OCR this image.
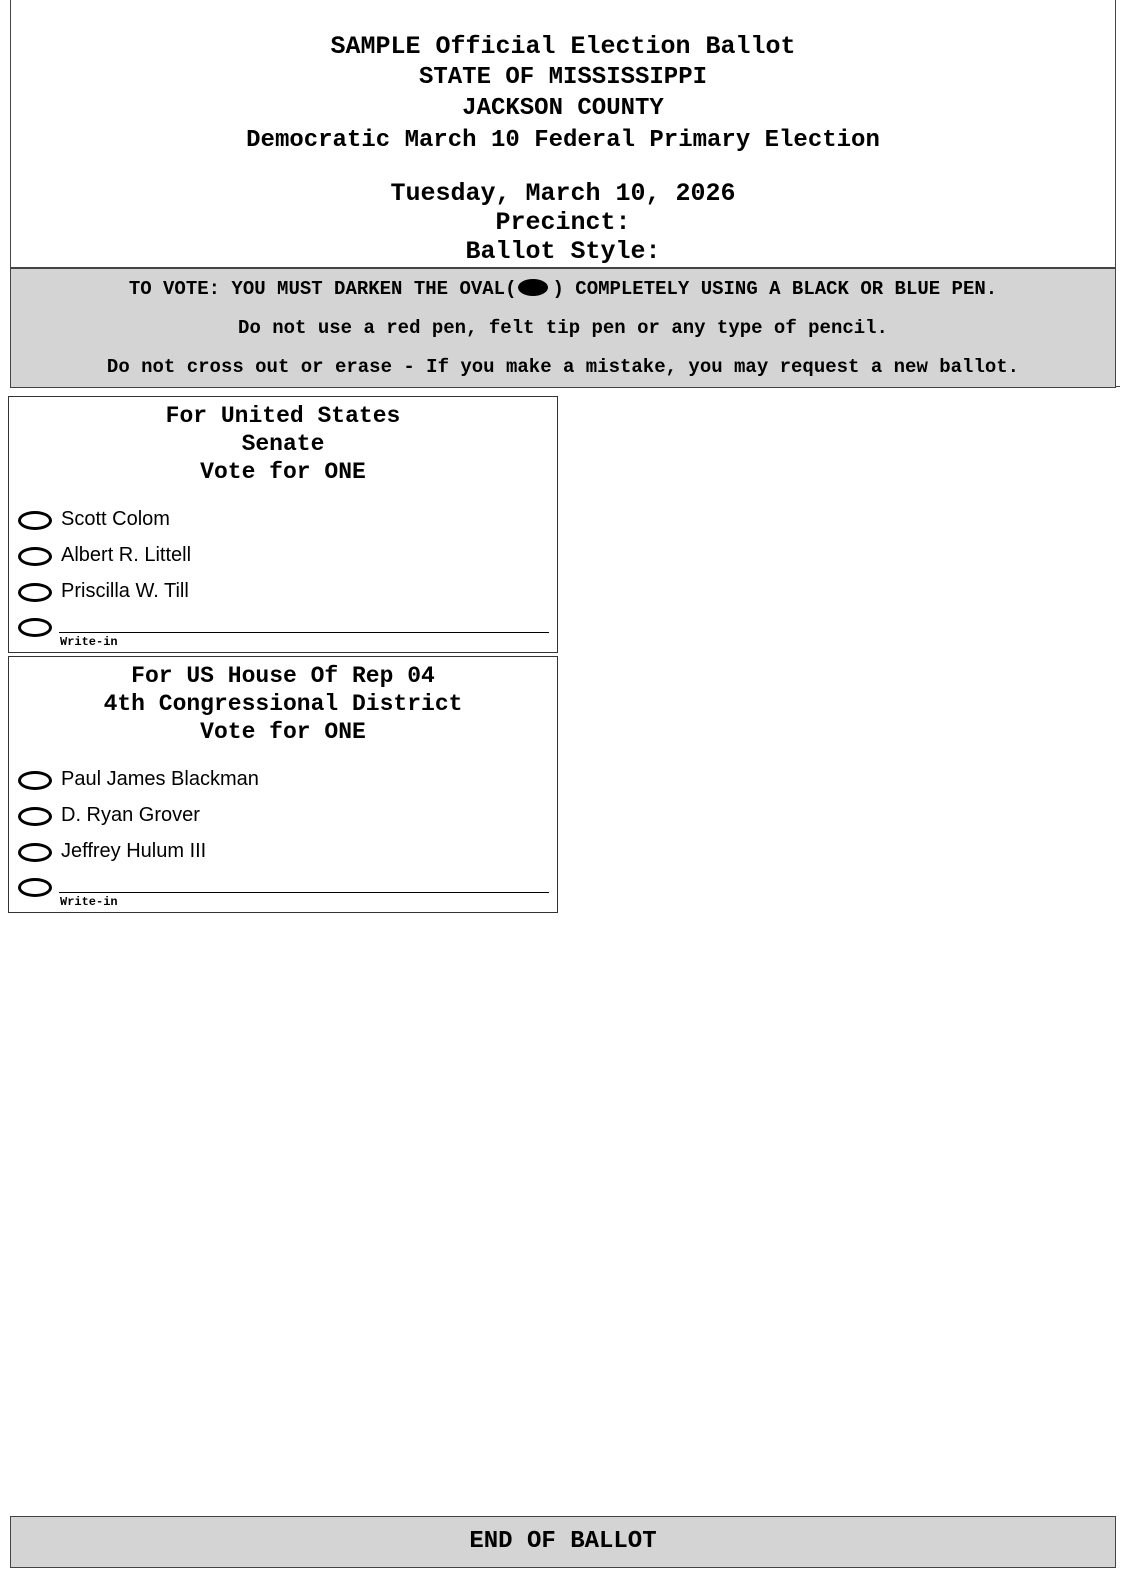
SAMPLE Official Election Ballot
STATE OF MISSISSIPPI
JACKSON COUNTY
Democratic March 10 Federal Primary Election
Tuesday, March 10, 2026
Precinct:
Ballot Style:
TO VOTE: YOU MUST DARKEN THE OVAL( ) COMPLETELY USING A BLACK OR BLUE PEN.
Do not use a red pen, felt tip pen or any type of pencil.
Do not cross out or erase - If you make a mistake, you may request a new ballot.
For United States
Senate
Vote for ONE
Scott Colom
Albert R. Littell
Priscilla W. Till
Write-in
For US House Of Rep 04
4th Congressional District
Vote for ONE
Paul James Blackman
D. Ryan Grover
Jeffrey Hulum III
Write-in
END OF BALLOT
